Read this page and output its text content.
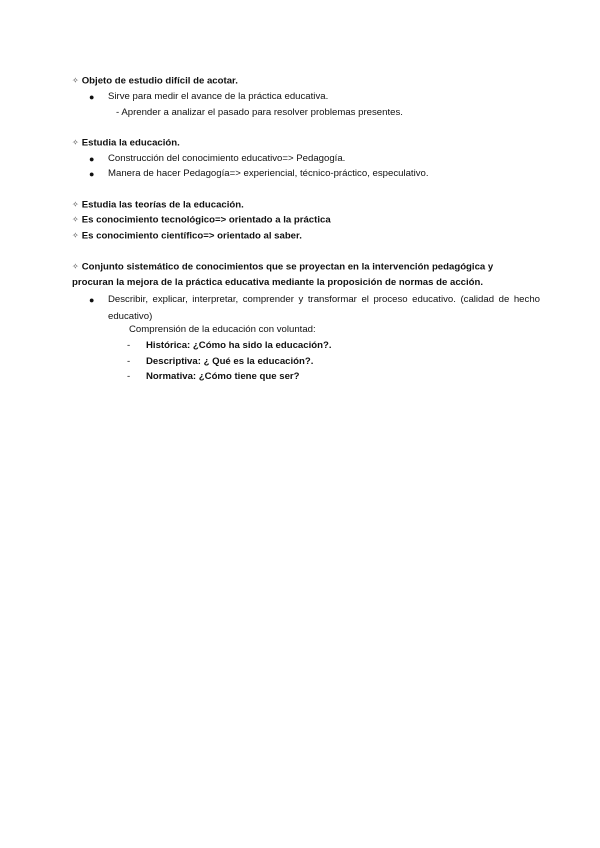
✧ Objeto de estudio difícil de acotar.
● Sirve para medir el avance de la práctica educativa.
- Aprender a analizar el pasado para resolver problemas presentes.
✧ Estudia la educación.
● Construcción del conocimiento educativo=> Pedagogía.
● Manera de hacer Pedagogía=> experiencial, técnico-práctico, especulativo.
✧ Estudia las teorías de la educación.
✧ Es conocimiento tecnológico=> orientado a la práctica
✧ Es conocimiento científico=> orientado al saber.
✧ Conjunto sistemático de conocimientos que se proyectan en la intervención pedagógica y
procuran la mejora de la práctica educativa mediante la proposición de normas de acción.
● Describir, explicar, interpretar, comprender y transformar el proceso educativo. (calidad de hecho educativo)
Comprensión de la educación con voluntad:
- Histórica: ¿Cómo ha sido la educación?.
- Descriptiva: ¿ Qué es la educación?.
- Normativa: ¿Cómo tiene que ser?
